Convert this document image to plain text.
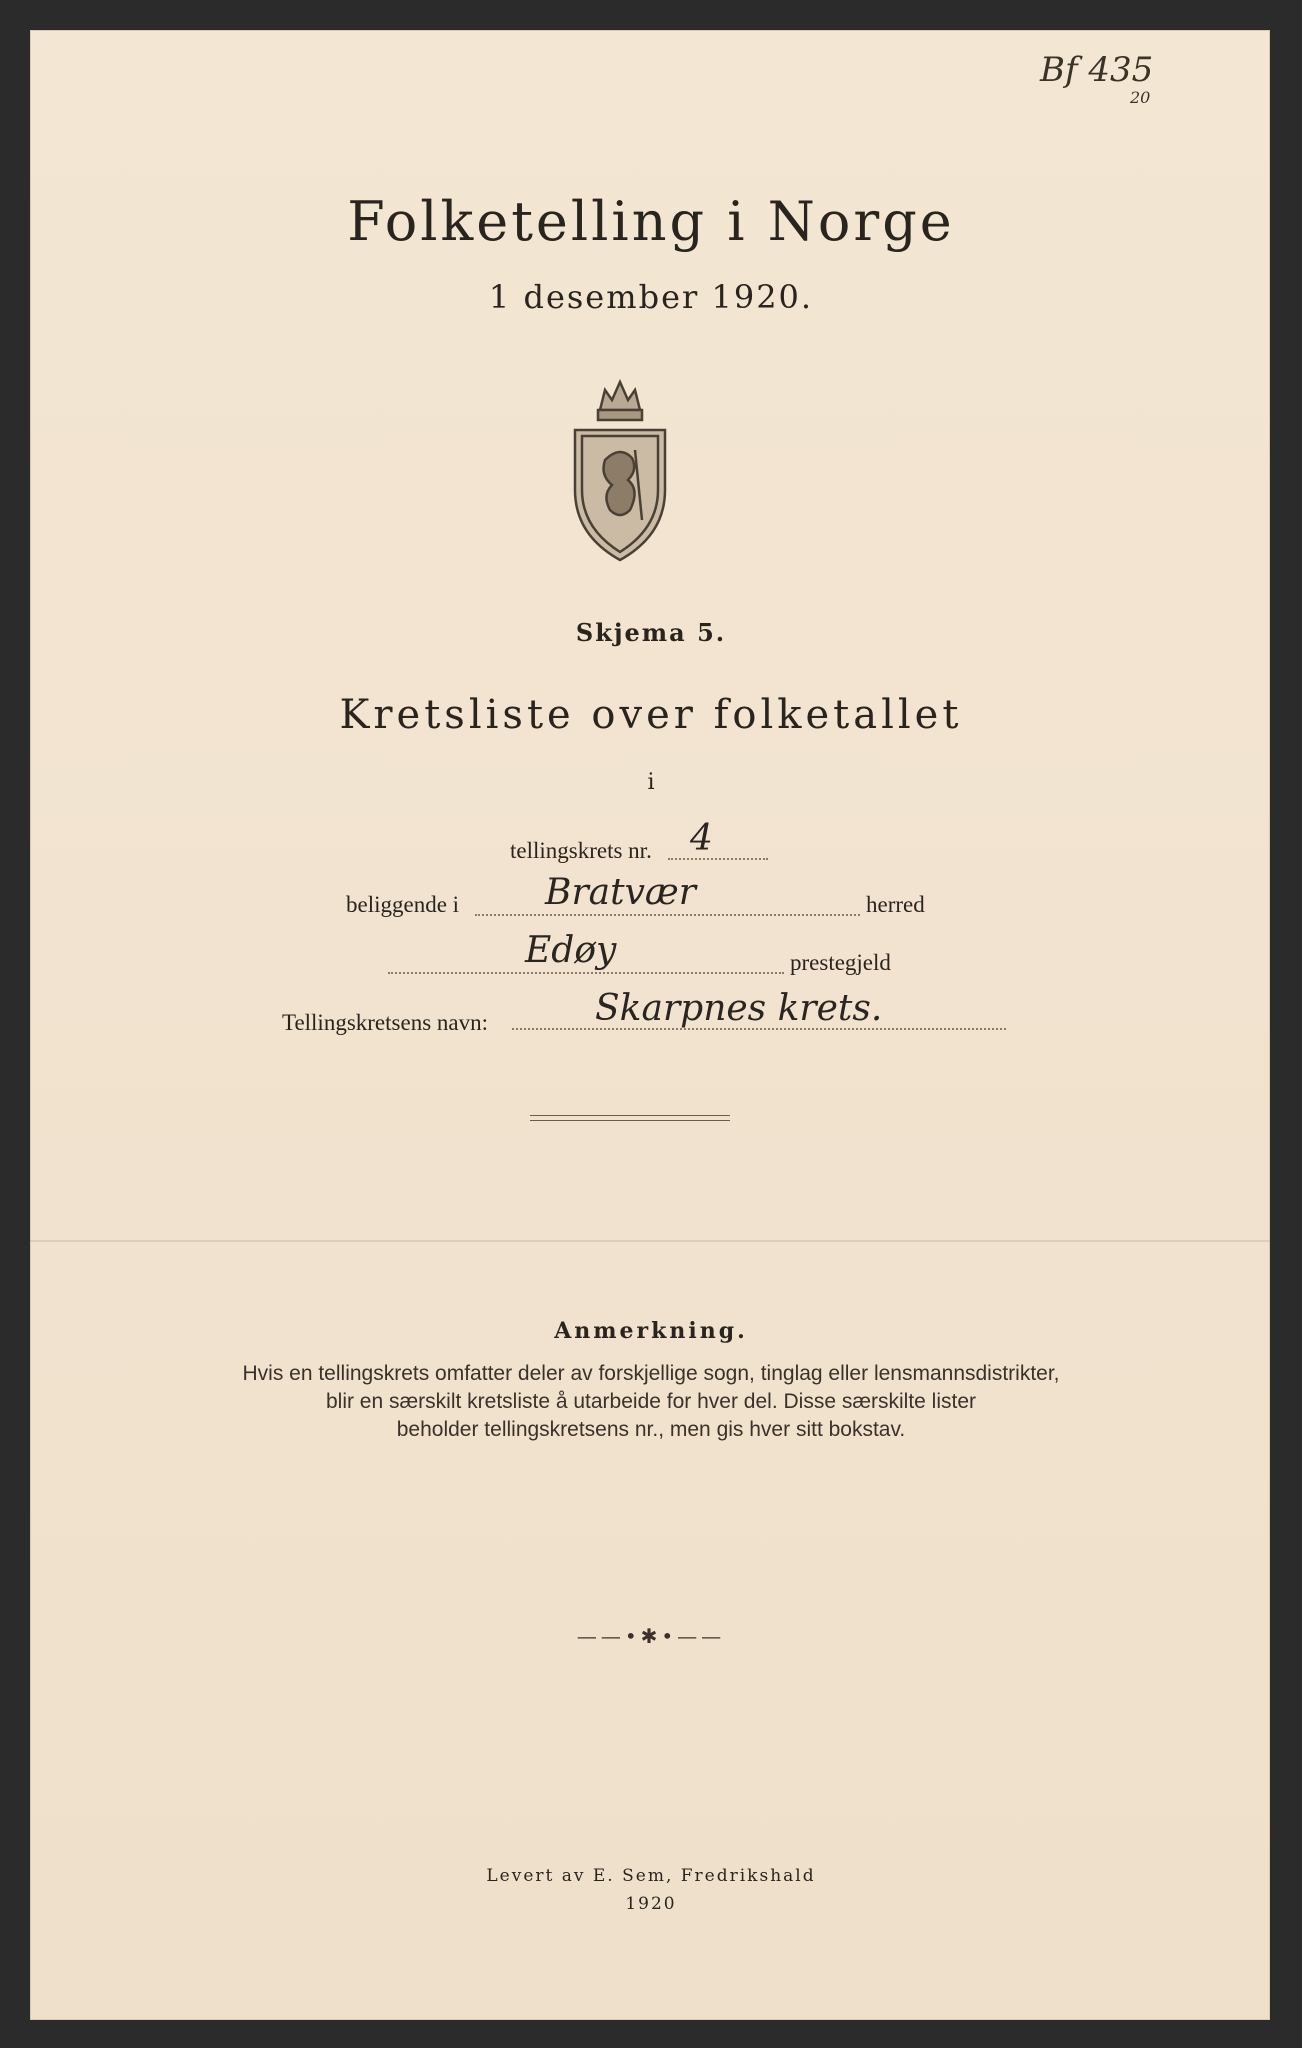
Bf 435
20
Folketelling i Norge
1 desember 1920.
Skjema 5.
Kretsliste over folketallet
i
tellingskrets nr. 4
beliggende i Bratvær	herred
Edøy	prestegjeld
Tellingskretsens navn:	Skarpnes krets.
Anmerkning.
Hvis en tellingskrets omfatter deler av forskjellige sogn, tinglag eller lensmannsdistrikter,
blir en særskilt kretsliste å utarbeide for hver del. Disse særskilte lister
beholder tellingskretsens nr., men gis hver sitt bokstav.
——•✱•——
Levert av E. Sem, Fredrikshald
1920
